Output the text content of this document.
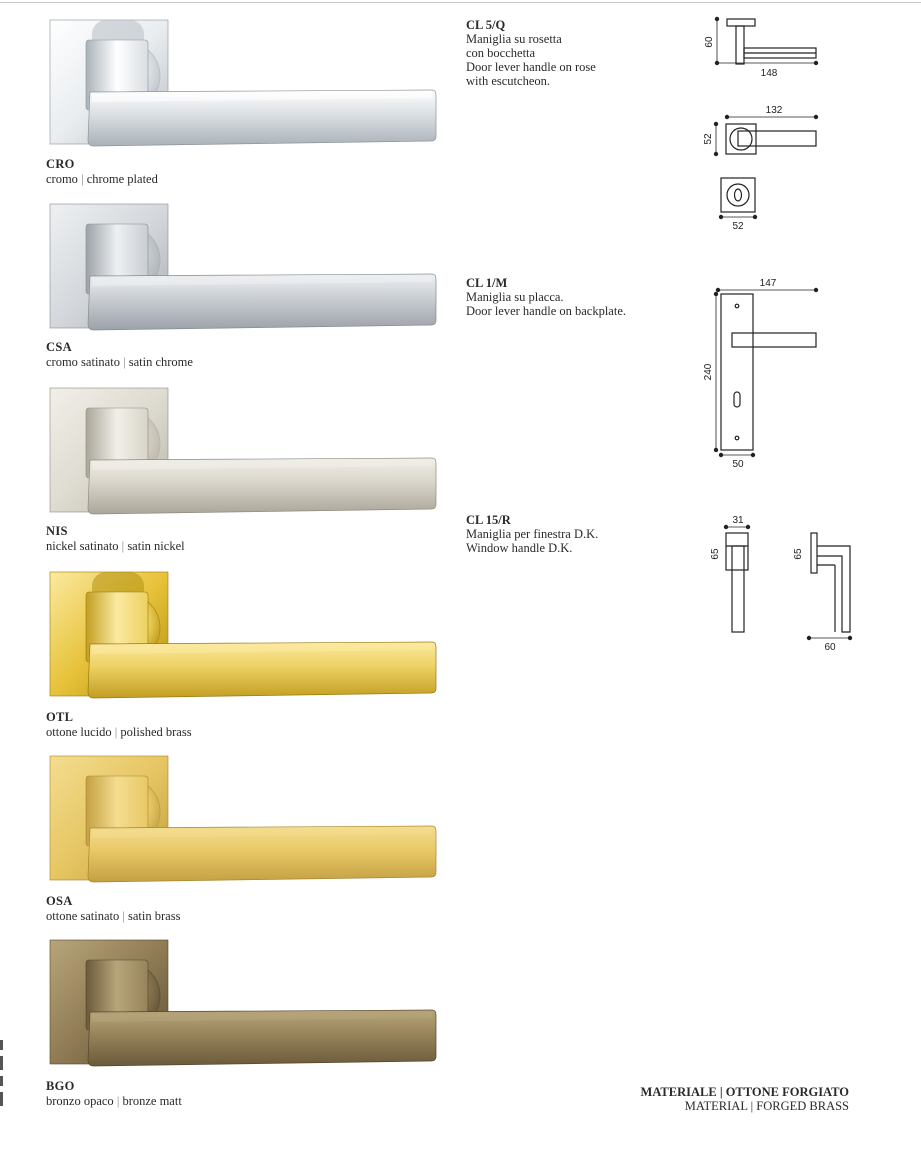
CRO
cromo | chrome plated
CSA
cromo satinato | satin chrome
NIS
nickel satinato | satin nickel
OTL
ottone lucido | polished brass
OSA
ottone satinato | satin brass
BGO
bronzo opaco | bronze matt
CL 5/Q
Maniglia su rosetta
con bocchetta
Door lever handle on rose
with escutcheon.
CL 1/M
Maniglia su placca.
Door lever handle on backplate.
CL 15/R
Maniglia per finestra D.K.
Window handle D.K.
60
148
132
52
52
147
240
50
31
65	65
60
MATERIALE | OTTONE FORGIATO
MATERIAL | FORGED BRASS
